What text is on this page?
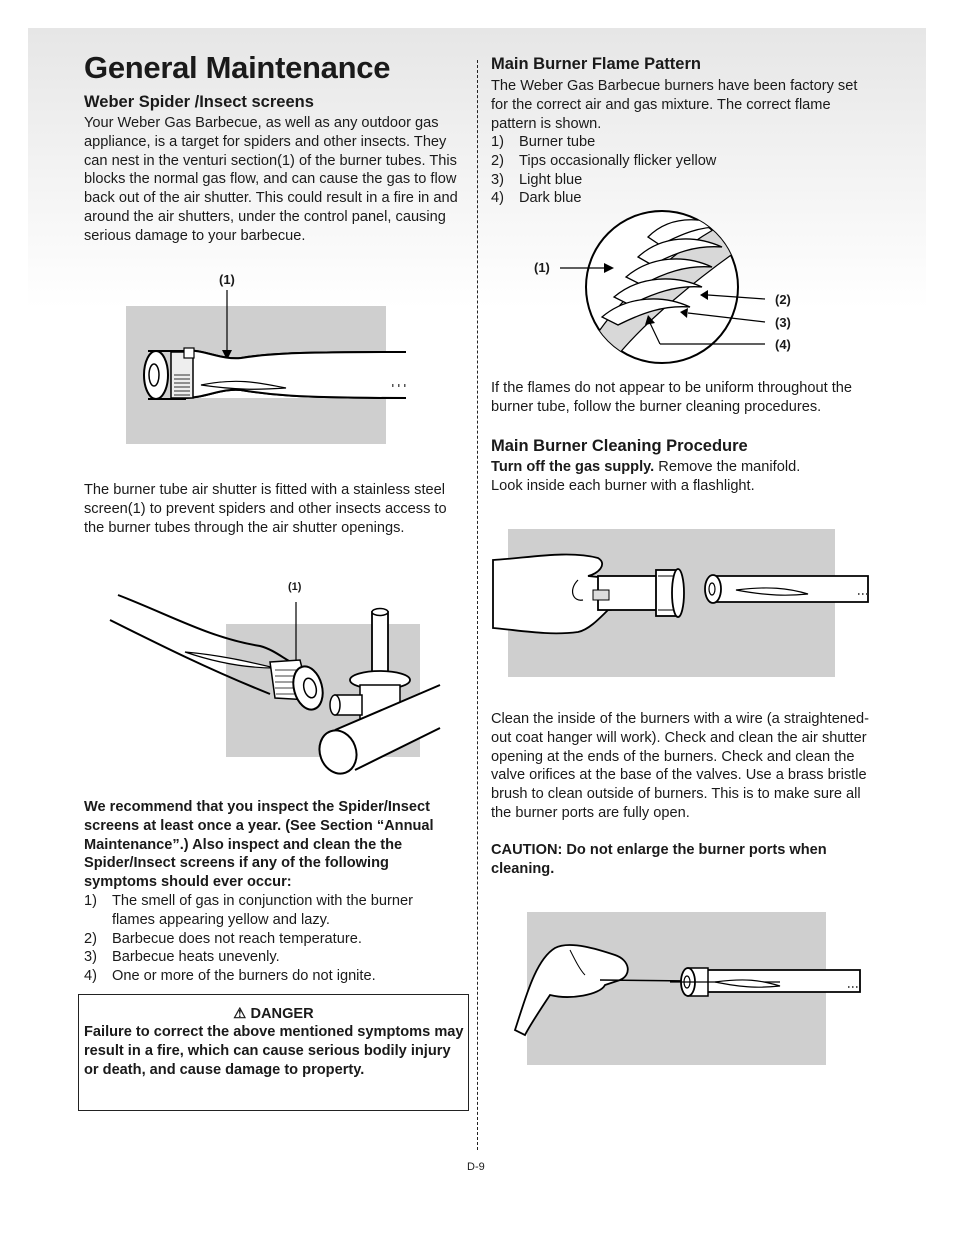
General Maintenance
Weber Spider /Insect screens

Your Weber Gas Barbecue, as well as any outdoor gas appliance, is a target for spiders and other insects. They can nest in the venturi section(1) of the burner tubes. This blocks the normal gas flow, and can cause the gas to flow back out of the air shutter. This could result in a fire in and around the air shutters, under the control panel, causing serious damage to your barbecue.

(1)

The burner tube air shutter is fitted with a stainless steel screen(1) to prevent spiders and other insects access to the burner tubes through the air shutter openings.

(1)

We recommend that you inspect the Spider/Insect screens at least once a year. (See Section “Annual Maintenance”.) Also inspect and clean the the Spider/Insect screens if any of the following symptoms should ever occur:

1)	The smell of gas in conjunction with the burner flames appearing yellow and lazy.
2)	Barbecue does not reach temperature.
3)	Barbecue heats unevenly.
4)	One or more of the burners do not ignite.
⚠ DANGER

Failure to correct the above mentioned symptoms may result in a fire, which can cause serious bodily injury or death, and cause damage to property.

Main Burner Flame Pattern

The Weber Gas Barbecue burners have been factory set for the correct air and gas mixture. The correct flame pattern is shown.

1)	Burner tube
2)	Tips occasionally flicker yellow
3)	Light blue
4)	Dark blue
(1)
(2)
(3)
(4)

If the flames do not appear to be uniform throughout the burner tube, follow the burner cleaning procedures.

Main Burner Cleaning Procedure

Turn off the gas supply. Remove the manifold.
Look inside each burner with a flashlight.

Clean the inside of the burners with a wire (a straightened-out coat hanger will work). Check and clean the air shutter opening at the ends of the burners. Check and clean the valve orifices at the base of the valves. Use a brass bristle brush to clean outside of burners. This is to make sure all the burner ports are fully open.

CAUTION: Do not enlarge the burner ports when cleaning.

D-9
